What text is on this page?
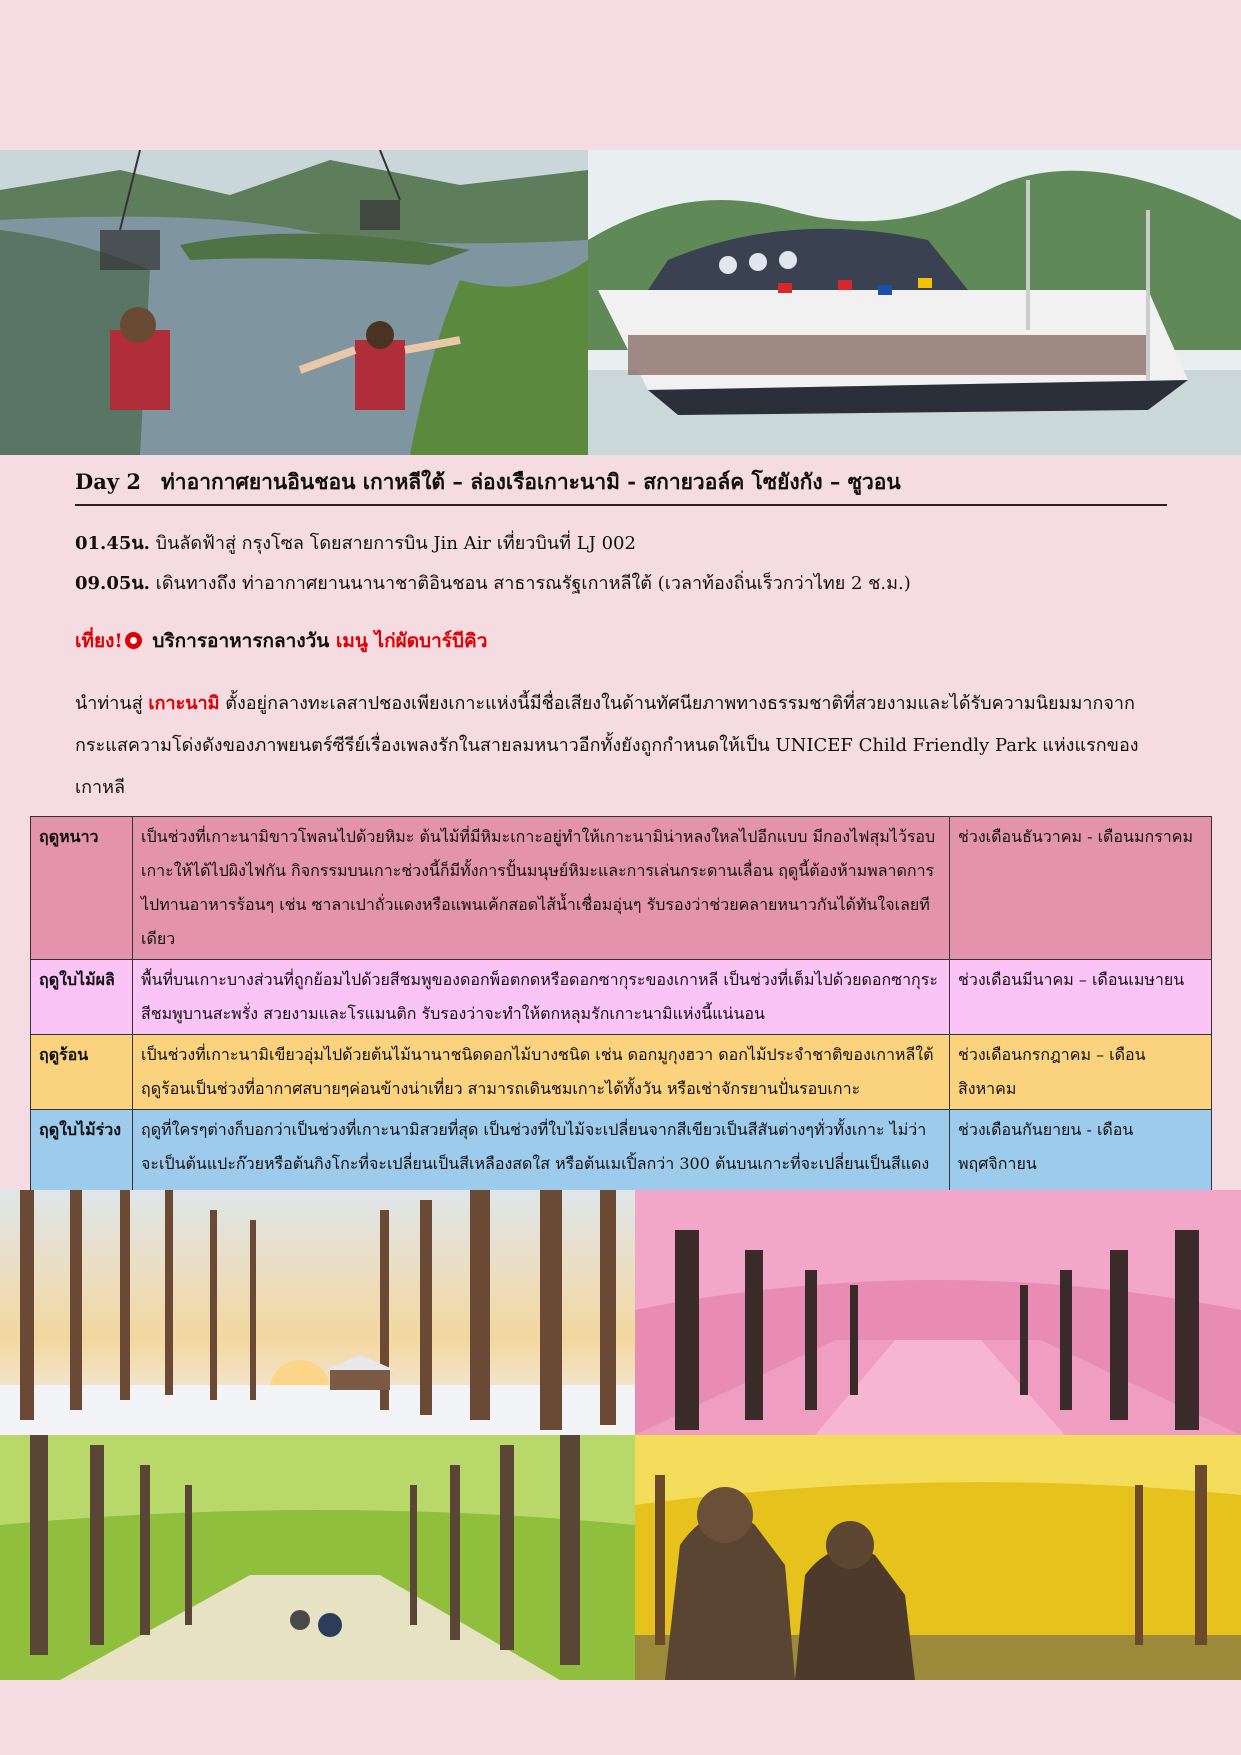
Day 2 ท่าอากาศยานอินชอน เกาหลีใต้ – ล่องเรือเกาะนามิ - สกายวอล์ค โซยังกัง – ซูวอน
01.45น. บินลัดฟ้าสู่ กรุงโซล โดยสายการบิน Jin Air เที่ยวบินที่ LJ 002
09.05น. เดินทางถึง ท่าอากาศยานนานาชาติอินชอน สาธารณรัฐเกาหลีใต้ (เวลาท้องถิ่นเร็วกว่าไทย 2 ช.ม.)
เที่ยง! บริการอาหารกลางวัน เมนู ไก่ผัดบาร์บีคิว
นำท่านสู่ เกาะนามิ ตั้งอยู่กลางทะเลสาปชองเพียงเกาะแห่งนี้มีชื่อเสียงในด้านทัศนียภาพทางธรรมชาติที่สวยงามและได้รับความนิยมมากจากกระแสความโด่งดังของภาพยนตร์ซีรีย์เรื่องเพลงรักในสายลมหนาวอีกทั้งยังถูกกำหนดให้เป็น UNICEF Child Friendly Park แห่งแรกของเกาหลี
ฤดูหนาว	เป็นช่วงที่เกาะนามิขาวโพลนไปด้วยหิมะ ต้นไม้ที่มีหิมะเกาะอยู่ทำให้เกาะนามิน่าหลงใหลไปอีกแบบ มีกองไฟสุมไว้รอบเกาะให้ได้ไปผิงไฟกัน กิจกรรมบนเกาะช่วงนี้ก็มีทั้งการปั้นมนุษย์หิมะและการเล่นกระดานเลื่อน ฤดูนี้ต้องห้ามพลาดการไปทานอาหารร้อนๆ เช่น ซาลาเปาถั่วแดงหรือแพนเค้กสอดไส้น้ำเชื่อมอุ่นๆ รับรองว่าช่วยคลายหนาวกันได้ทันใจเลยทีเดียว	ช่วงเดือนธันวาคม - เดือนมกราคม
ฤดูใบไม้ผลิ	พื้นที่บนเกาะบางส่วนที่ถูกย้อมไปด้วยสีชมพูของดอกพ็อตกดหรือดอกซากุระของเกาหลี เป็นช่วงที่เต็มไปด้วยดอกซากุระสีชมพูบานสะพรั่ง สวยงามและโรแมนติก รับรองว่าจะทำให้ตกหลุมรักเกาะนามิแห่งนี้แน่นอน	ช่วงเดือนมีนาคม – เดือนเมษายน
ฤดูร้อน	เป็นช่วงที่เกาะนามิเขียวอุ่มไปด้วยต้นไม้นานาชนิดดอกไม้บางชนิด เช่น ดอกมูกุงฮวา ดอกไม้ประจำชาติของเกาหลีใต้ ฤดูร้อนเป็นช่วงที่อากาศสบายๆค่อนข้างน่าเที่ยว สามารถเดินชมเกาะได้ทั้งวัน หรือเช่าจักรยานปั่นรอบเกาะ	ช่วงเดือนกรกฎาคม – เดือนสิงหาคม
ฤดูใบไม้ร่วง	ฤดูที่ใครๆต่างก็บอกว่าเป็นช่วงที่เกาะนามิสวยที่สุด เป็นช่วงที่ใบไม้จะเปลี่ยนจากสีเขียวเป็นสีสันต่างๆทั่วทั้งเกาะ ไม่ว่าจะเป็นต้นแปะก๊วยหรือต้นกิงโกะที่จะเปลี่ยนเป็นสีเหลืองสดใส หรือต้นเมเปิ้ลกว่า 300 ต้นบนเกาะที่จะเปลี่ยนเป็นสีแดง	ช่วงเดือนกันยายน - เดือนพฤศจิกายน
